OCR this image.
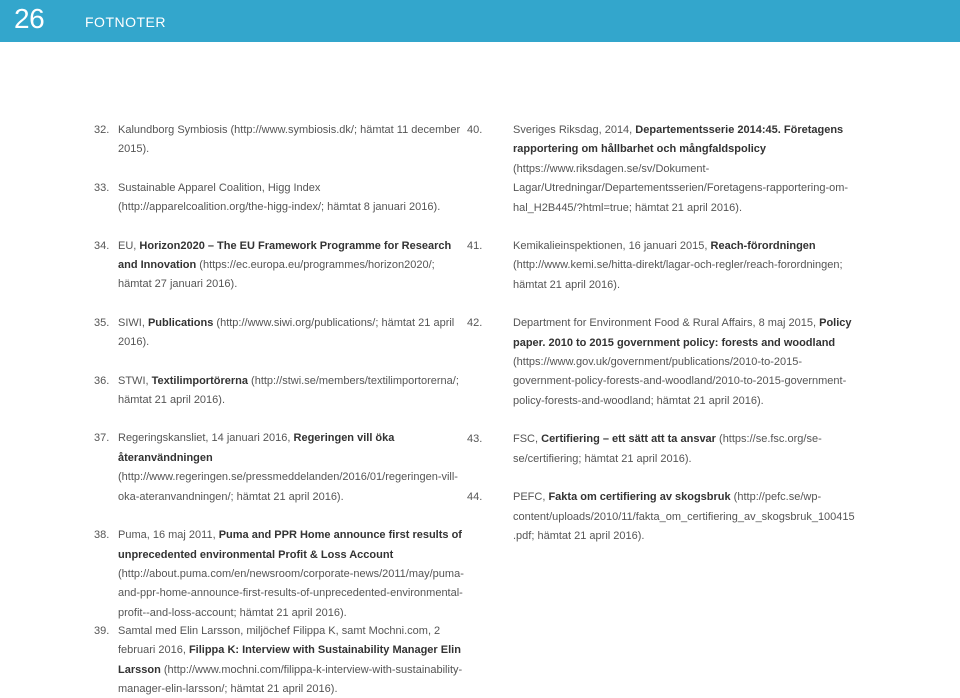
26	FOTNOTER
32. Kalundborg Symbiosis (http://www.symbiosis.dk/; hämtat 11 december 2015).
33. Sustainable Apparel Coalition, Higg Index (http://apparelcoalition.org/the-higg-index/; hämtat 8 januari 2016).
34. EU, Horizon2020 – The EU Framework Programme for Research and Innovation (https://ec.europa.eu/programmes/horizon2020/; hämtat 27 januari 2016).
35. SIWI, Publications (http://www.siwi.org/publications/; hämtat 21 april 2016).
36. STWI, Textilimportörerna (http://stwi.se/members/textilimportorerna/; hämtat 21 april 2016).
37. Regeringskansliet, 14 januari 2016, Regeringen vill öka återanvändningen (http://www.regeringen.se/pressmeddelanden/2016/01/regeringen-vill-oka-ateranvandningen/; hämtat 21 april 2016).
38. Puma, 16 maj 2011, Puma and PPR Home announce first results of unprecedented environmental Profit & Loss Account (http://about.puma.com/en/newsroom/corporate-news/2011/may/puma-and-ppr-home-announce-first-results-of-unprecedented-environmental-profit--and-loss-account; hämtat 21 april 2016).
40.	Sveriges Riksdag, 2014, Departementsserie 2014:45. Företagens rapportering om hållbarhet och mångfaldspolicy (https://www.riksdagen.se/sv/Dokument-Lagar/Utredningar/Departementsserien/Foretagens-rapportering-om-hal_H2B445/?html=true; hämtat 21 april 2016).
41.	Kemikalieinspektionen, 16 januari 2015, Reach-förordningen (http://www.kemi.se/hitta-direkt/lagar-och-regler/reach-forordningen; hämtat 21 april 2016).
42.	Department for Environment Food & Rural Affairs, 8 maj 2015, Policy paper. 2010 to 2015 government policy: forests and woodland (https://www.gov.uk/government/publications/2010-to-2015-government-policy-forests-and-woodland/2010-to-2015-government-policy-forests-and-woodland; hämtat 21 april 2016).
43.	FSC, Certifiering – ett sätt att ta ansvar (https://se.fsc.org/se-se/certifiering; hämtat 21 april 2016).
44.	PEFC, Fakta om certifiering av skogsbruk (http://pefc.se/wp-content/uploads/2010/11/fakta_om_certifiering_av_skogsbruk_100415.pdf; hämtat 21 april 2016).
39. Samtal med Elin Larsson, miljöchef Filippa K, samt Mochni.com, 2 februari 2016, Filippa K: Interview with Sustainability Manager Elin Larsson (http://www.mochni.com/filippa-k-interview-with-sustainability-manager-elin-larsson/; hämtat 21 april 2016).
